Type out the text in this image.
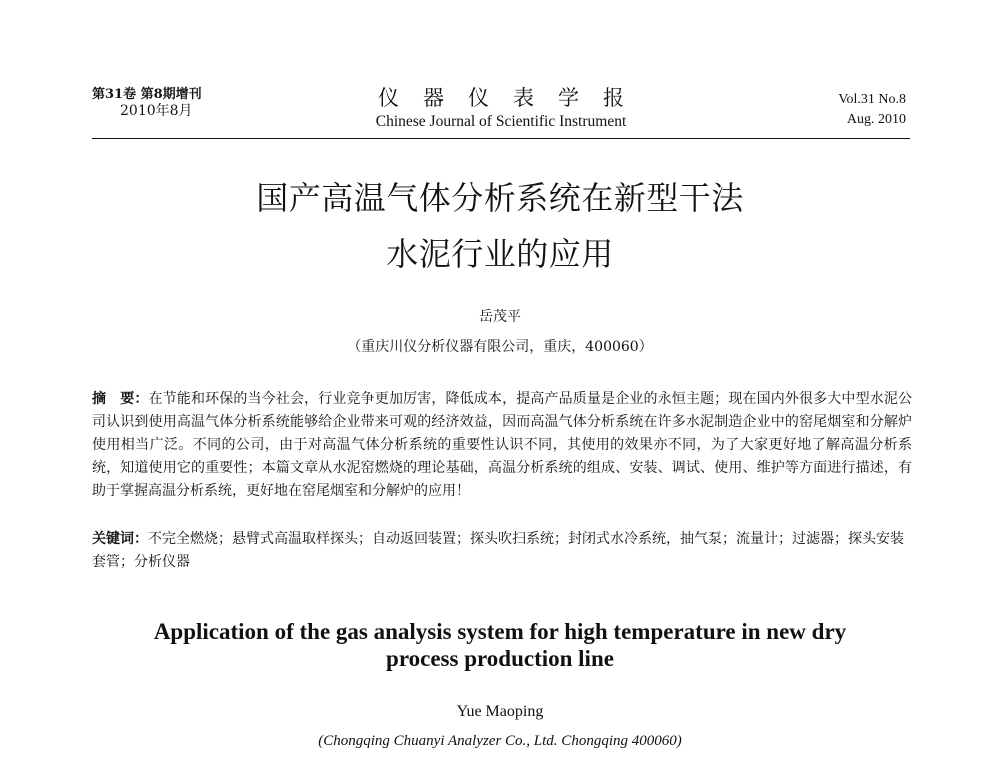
第31卷 第8期增刊
2010年8月
仪器仪表学报
Chinese Journal of Scientific Instrument
Vol.31 No.8
Aug. 2010
国产高温气体分析系统在新型干法
水泥行业的应用
岳茂平
（重庆川仪分析仪器有限公司，重庆，400060）
摘　要：在节能和环保的当今社会，行业竞争更加厉害，降低成本，提高产品质量是企业的永恒主题；现在国内外很多大中型水泥公司认识到使用高温气体分析系统能够给企业带来可观的经济效益，因而高温气体分析系统在许多水泥制造企业中的窑尾烟室和分解炉使用相当广泛。不同的公司，由于对高温气体分析系统的重要性认识不同，其使用的效果亦不同，为了大家更好地了解高温分析系统，知道使用它的重要性；本篇文章从水泥窑燃烧的理论基础，高温分析系统的组成、安装、调试、使用、维护等方面进行描述，有助于掌握高温分析系统，更好地在窑尾烟室和分解炉的应用！
关键词：不完全燃烧；悬臂式高温取样探头；自动返回装置；探头吹扫系统；封闭式水冷系统，抽气泵；流量计；过滤器；探头安装套管；分析仪器
Application of the gas analysis system for high temperature in new dry
process production line
Yue Maoping
(Chongqing Chuanyi Analyzer Co., Ltd. Chongqing 400060)
